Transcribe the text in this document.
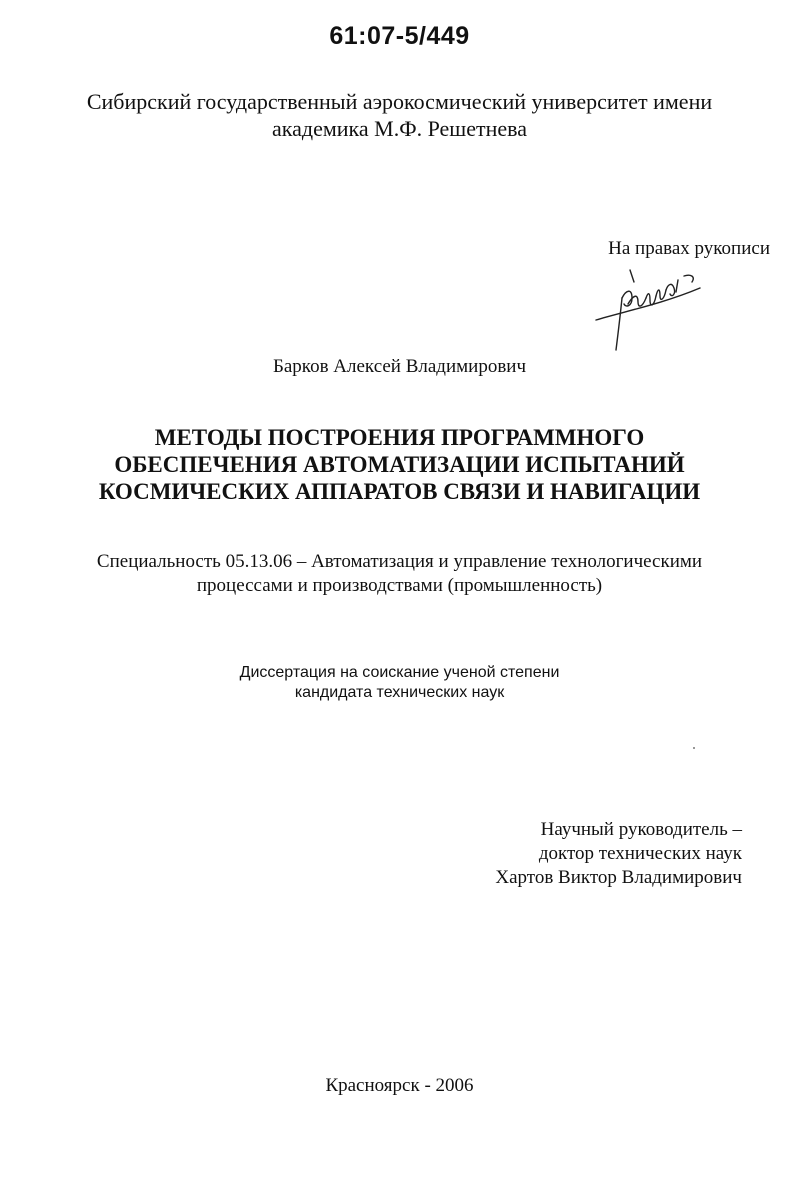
61:07-5/449
Сибирский государственный аэрокосмический университет имени
академика М.Ф. Решетнева
На правах рукописи
Барков Алексей Владимирович
МЕТОДЫ ПОСТРОЕНИЯ ПРОГРАММНОГО
ОБЕСПЕЧЕНИЯ АВТОМАТИЗАЦИИ ИСПЫТАНИЙ
КОСМИЧЕСКИХ АППАРАТОВ СВЯЗИ И НАВИГАЦИИ
Специальность 05.13.06 – Автоматизация и управление технологическими
процессами и производствами (промышленность)
Диссертация на соискание ученой степени
кандидата технических наук
Научный руководитель –
доктор технических наук
Хартов Виктор Владимирович
Красноярск - 2006
